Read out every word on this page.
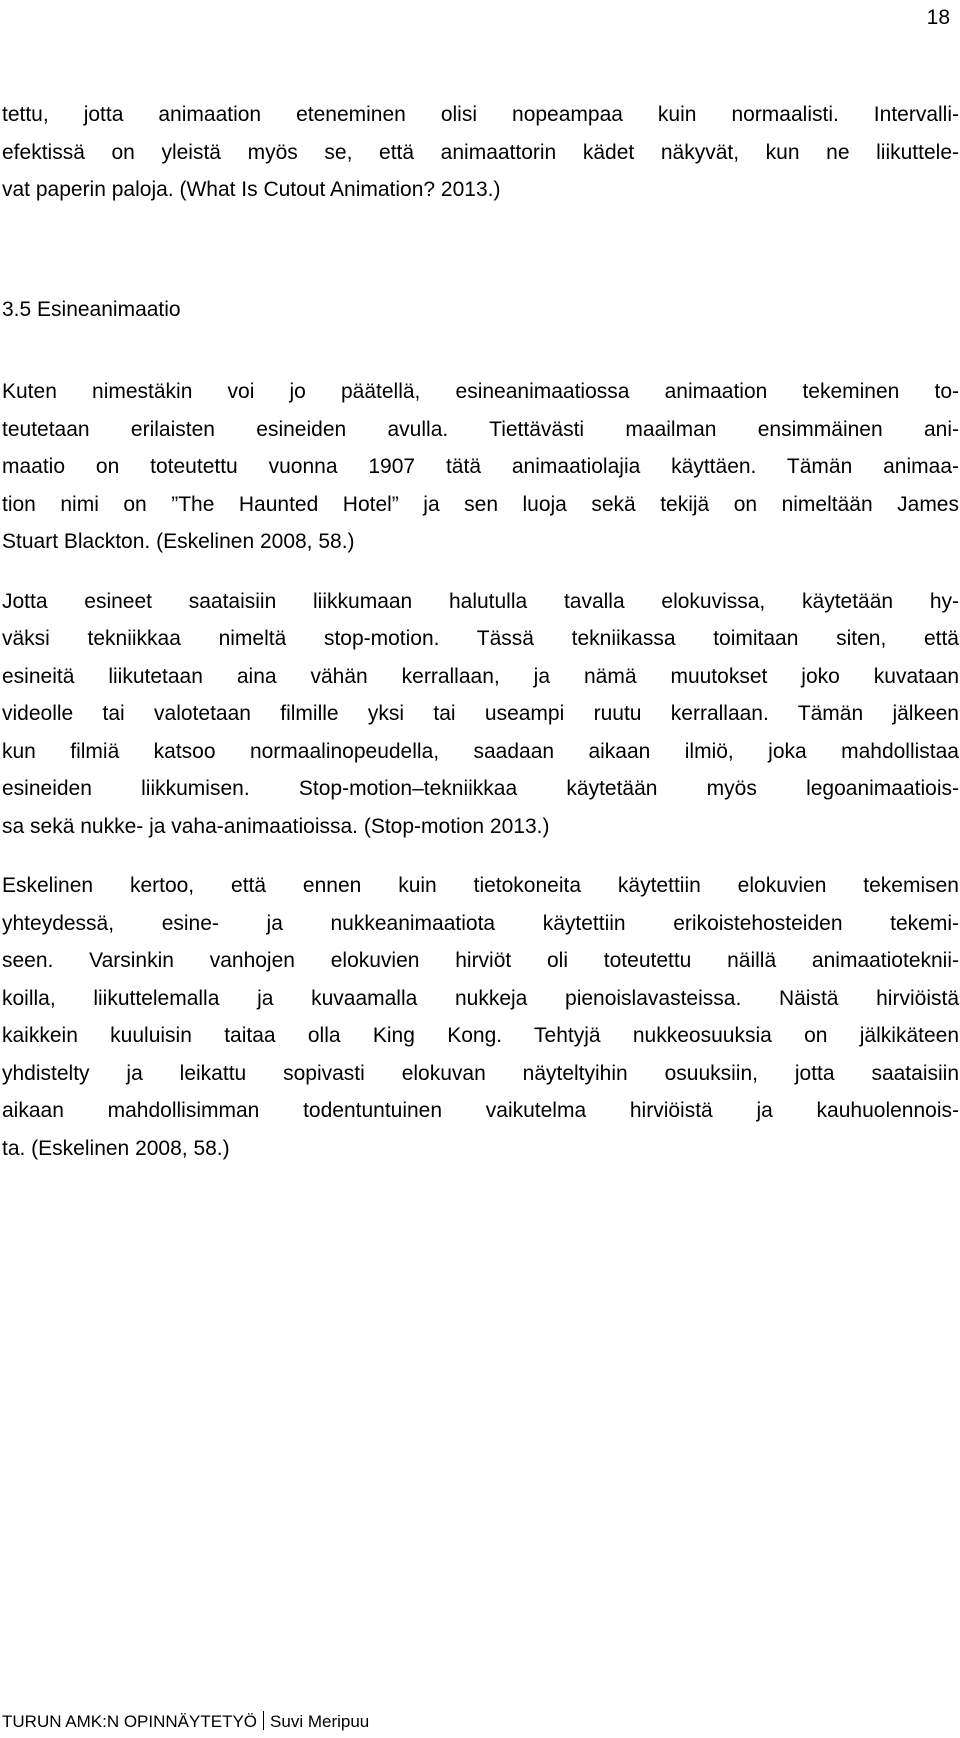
18
tettu, jotta animaation eteneminen olisi nopeampaa kuin normaalisti. Intervalli-
efektissä on yleistä myös se, että animaattorin kädet näkyvät, kun ne liikuttele-
vat paperin paloja. (What Is Cutout Animation? 2013.)
3.5 Esineanimaatio
Kuten nimestäkin voi jo päätellä, esineanimaatiossa animaation tekeminen to-
teutetaan erilaisten esineiden avulla. Tiettävästi maailman ensimmäinen ani-
maatio on toteutettu vuonna 1907 tätä animaatiolajia käyttäen. Tämän animaa-
tion nimi on ”The Haunted Hotel” ja sen luoja sekä tekijä on nimeltään James
Stuart Blackton. (Eskelinen 2008, 58.)
Jotta esineet saataisiin liikkumaan halutulla tavalla elokuvissa, käytetään hy-
väksi tekniikkaa nimeltä stop-motion. Tässä tekniikassa toimitaan siten, että
esineitä liikutetaan aina vähän kerrallaan, ja nämä muutokset joko kuvataan
videolle tai valotetaan filmille yksi tai useampi ruutu kerrallaan. Tämän jälkeen
kun filmiä katsoo normaalinopeudella, saadaan aikaan ilmiö, joka mahdollistaa
esineiden liikkumisen. Stop-motion–tekniikkaa käytetään myös legoanimaatiois-
sa sekä nukke- ja vaha-animaatioissa. (Stop-motion 2013.)
Eskelinen kertoo, että ennen kuin tietokoneita käytettiin elokuvien tekemisen
yhteydessä, esine- ja nukkeanimaatiota käytettiin erikoistehosteiden tekemi-
seen. Varsinkin vanhojen elokuvien hirviöt oli toteutettu näillä animaatioteknii-
koilla, liikuttelemalla ja kuvaamalla nukkeja pienoislavasteissa. Näistä hirviöistä
kaikkein kuuluisin taitaa olla King Kong. Tehtyjä nukkeosuuksia on jälkikäteen
yhdistelty ja leikattu sopivasti elokuvan näyteltyihin osuuksiin, jotta saataisiin
aikaan mahdollisimman todentuntuinen vaikutelma hirviöistä ja kauhuolennois-
ta. (Eskelinen 2008, 58.)
TURUN AMK:N OPINNÄYTETYÖ Suvi Meripuu
